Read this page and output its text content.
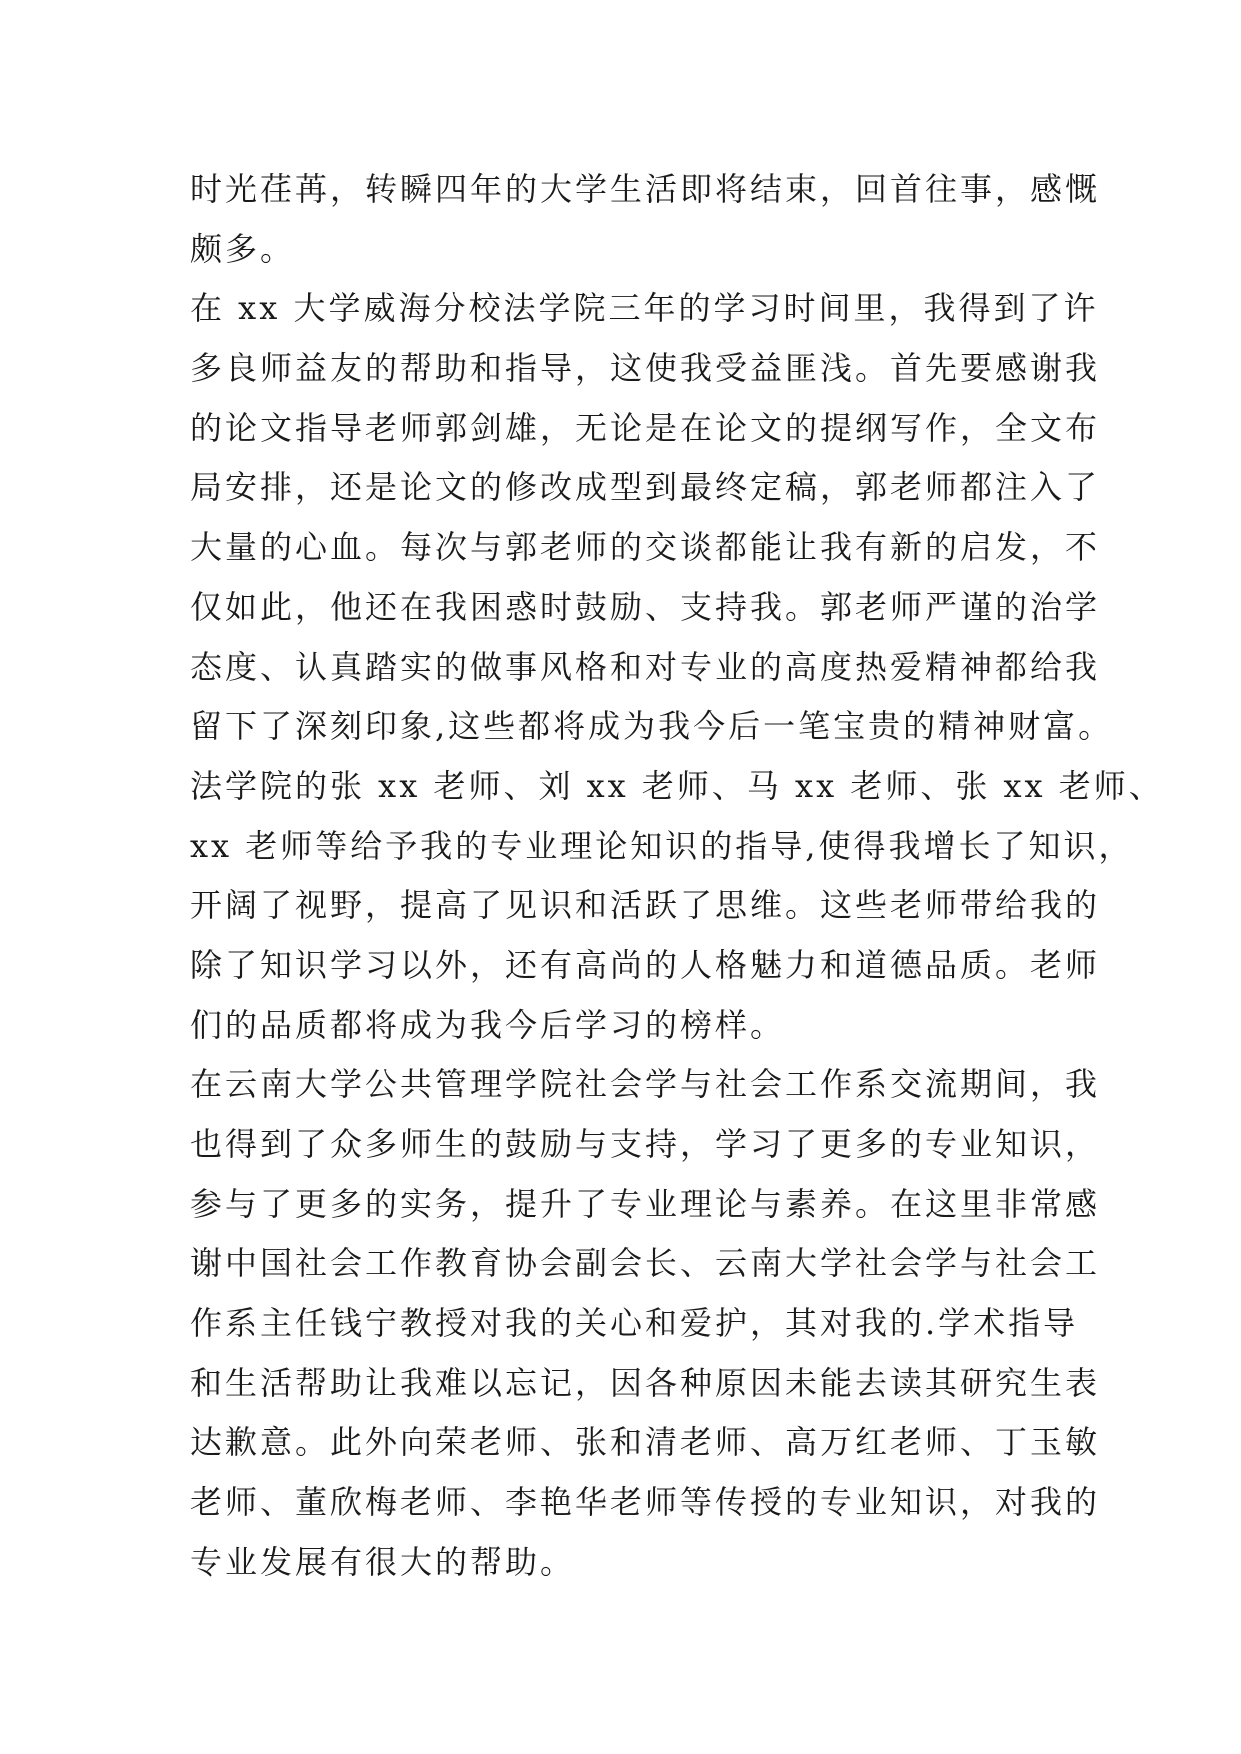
时光荏苒，转瞬四年的大学生活即将结束，回首往事，感慨
颇多。
在 xx 大学威海分校法学院三年的学习时间里，我得到了许
多良师益友的帮助和指导，这使我受益匪浅。首先要感谢我
的论文指导老师郭剑雄，无论是在论文的提纲写作，全文布
局安排，还是论文的修改成型到最终定稿，郭老师都注入了
大量的心血。每次与郭老师的交谈都能让我有新的启发，不
仅如此，他还在我困惑时鼓励、支持我。郭老师严谨的治学
态度、认真踏实的做事风格和对专业的高度热爱精神都给我
留下了深刻印象,这些都将成为我今后一笔宝贵的精神财富。
法学院的张 xx 老师、刘 xx 老师、马 xx 老师、张 xx 老师、
xx 老师等给予我的专业理论知识的指导,使得我增长了知识，
开阔了视野，提高了见识和活跃了思维。这些老师带给我的
除了知识学习以外，还有高尚的人格魅力和道德品质。老师
们的品质都将成为我今后学习的榜样。
在云南大学公共管理学院社会学与社会工作系交流期间，我
也得到了众多师生的鼓励与支持，学习了更多的专业知识，
参与了更多的实务，提升了专业理论与素养。在这里非常感
谢中国社会工作教育协会副会长、云南大学社会学与社会工
作系主任钱宁教授对我的关心和爱护，其对我的.学术指导
和生活帮助让我难以忘记，因各种原因未能去读其研究生表
达歉意。此外向荣老师、张和清老师、高万红老师、丁玉敏
老师、董欣梅老师、李艳华老师等传授的专业知识，对我的
专业发展有很大的帮助。
